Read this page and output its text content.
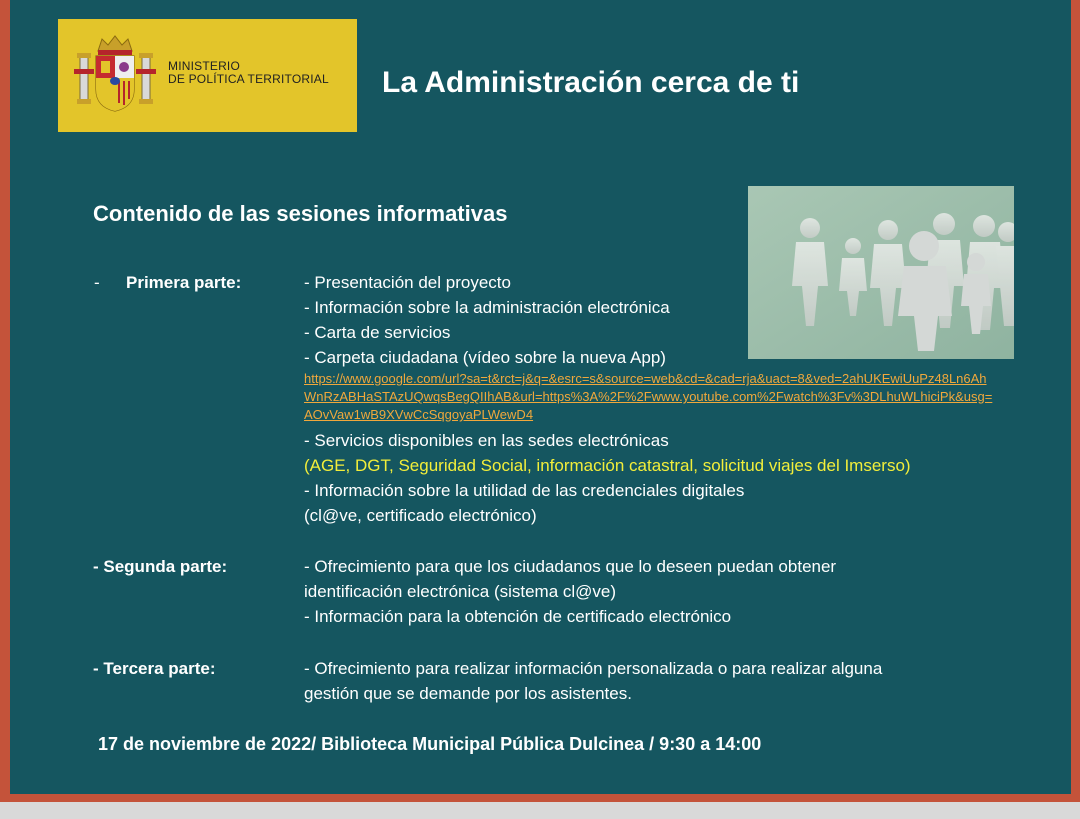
MINISTERIO
DE POLÍTICA TERRITORIAL La Administración cerca de ti
Contenido de las sesiones informativas
- Primera parte:	- Presentación del proyecto
- Información sobre la administración electrónica
- Carta de servicios
- Carpeta ciudadana (vídeo sobre la nueva App)
https://www.google.com/url?sa=t&rct=j&q=&esrc=s&source=web&cd=&cad=rja&uact=8&ved=2ahUKEwiUuPz48Ln6AhWnRzABHaSTAzUQwqsBegQIIhAB&url=https%3A%2F%2Fwww.youtube.com%2Fwatch%3Fv%3DLhuWLhiciPk&usg=AOvVaw1wB9XVwCcSqgoyaPLWewD4
- Servicios disponibles en las sedes electrónicas
(AGE, DGT, Seguridad Social, información catastral, solicitud viajes del Imserso)
- Información sobre la utilidad de las credenciales digitales
(cl@ve, certificado electrónico)
- Segunda parte:	- Ofrecimiento para que los ciudadanos que lo deseen puedan obtener
identificación electrónica (sistema cl@ve)
- Información para la obtención de certificado electrónico
- Tercera parte:	- Ofrecimiento para realizar información personalizada o para realizar alguna
gestión que se demande por los asistentes.
17 de noviembre de 2022/ Biblioteca Municipal Pública Dulcinea / 9:30 a 14:00
